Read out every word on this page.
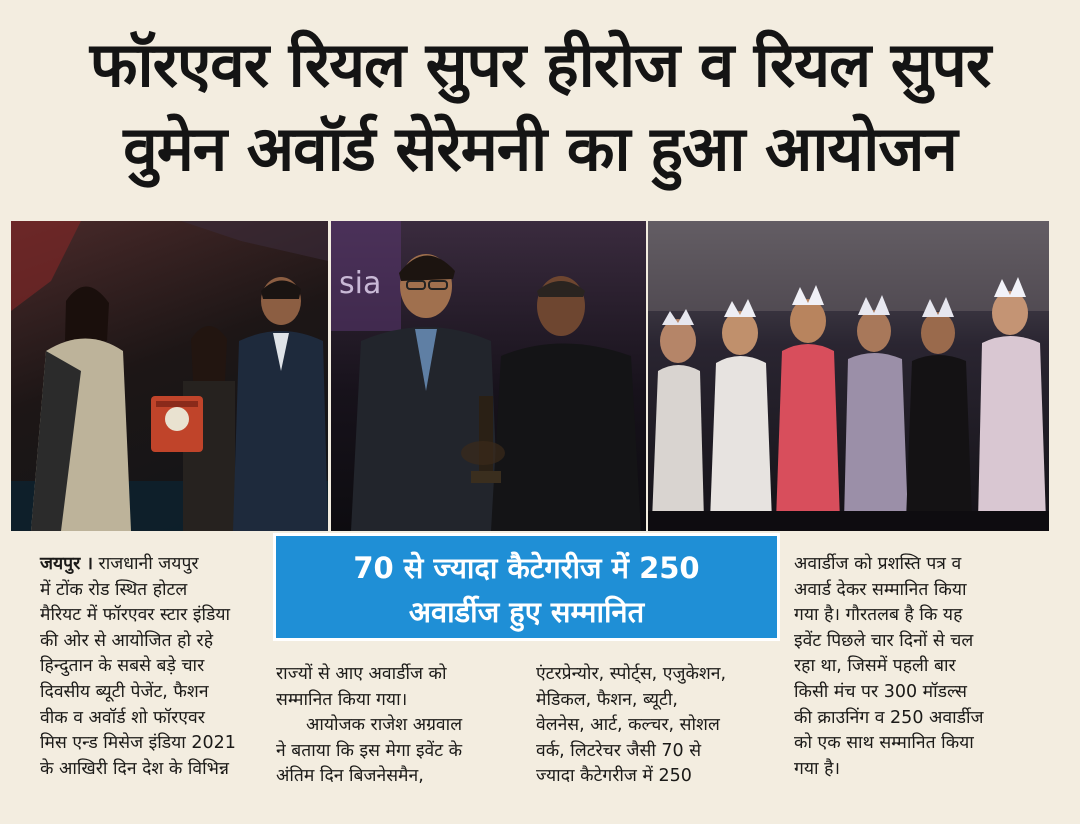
फॉरएवर रियल सुपर हीरोज व रियल सुपर
वुमेन अवॉर्ड सेरेमनी का हुआ आयोजन
sia
70 से ज्यादा कैटेगरीज में 250
अवार्डीज हुए सम्मानित
जयपुर । राजधानी जयपुर
में टोंक रोड स्थित होटल
मैरियट में फॉरएवर स्टार इंडिया
की ओर से आयोजित हो रहे
हिन्दुतान के सबसे बड़े चार
दिवसीय ब्यूटी पेजेंट, फैशन
वीक व अवॉर्ड शो फॉरएवर
मिस एन्ड मिसेज इंडिया 2021
के आखिरी दिन देश के विभिन्न
राज्यों से आए अवार्डीज को
सम्मानित किया गया।
आयोजक राजेश अग्रवाल
ने बताया कि इस मेगा इवेंट के
अंतिम दिन बिजनेसमैन,
एंटरप्रेन्योर, स्पोर्ट्स, एजुकेशन,
मेडिकल, फैशन, ब्यूटी,
वेलनेस, आर्ट, कल्चर, सोशल
वर्क, लिटरेचर जैसी 70 से
ज्यादा कैटेगरीज में 250
अवार्डीज को प्रशस्ति पत्र व
अवार्ड देकर सम्मानित किया
गया है। गौरतलब है कि यह
इवेंट पिछले चार दिनों से चल
रहा था, जिसमें पहली बार
किसी मंच पर 300 मॉडल्स
की क्राउनिंग व 250 अवार्डीज
को एक साथ सम्मानित किया
गया है।
